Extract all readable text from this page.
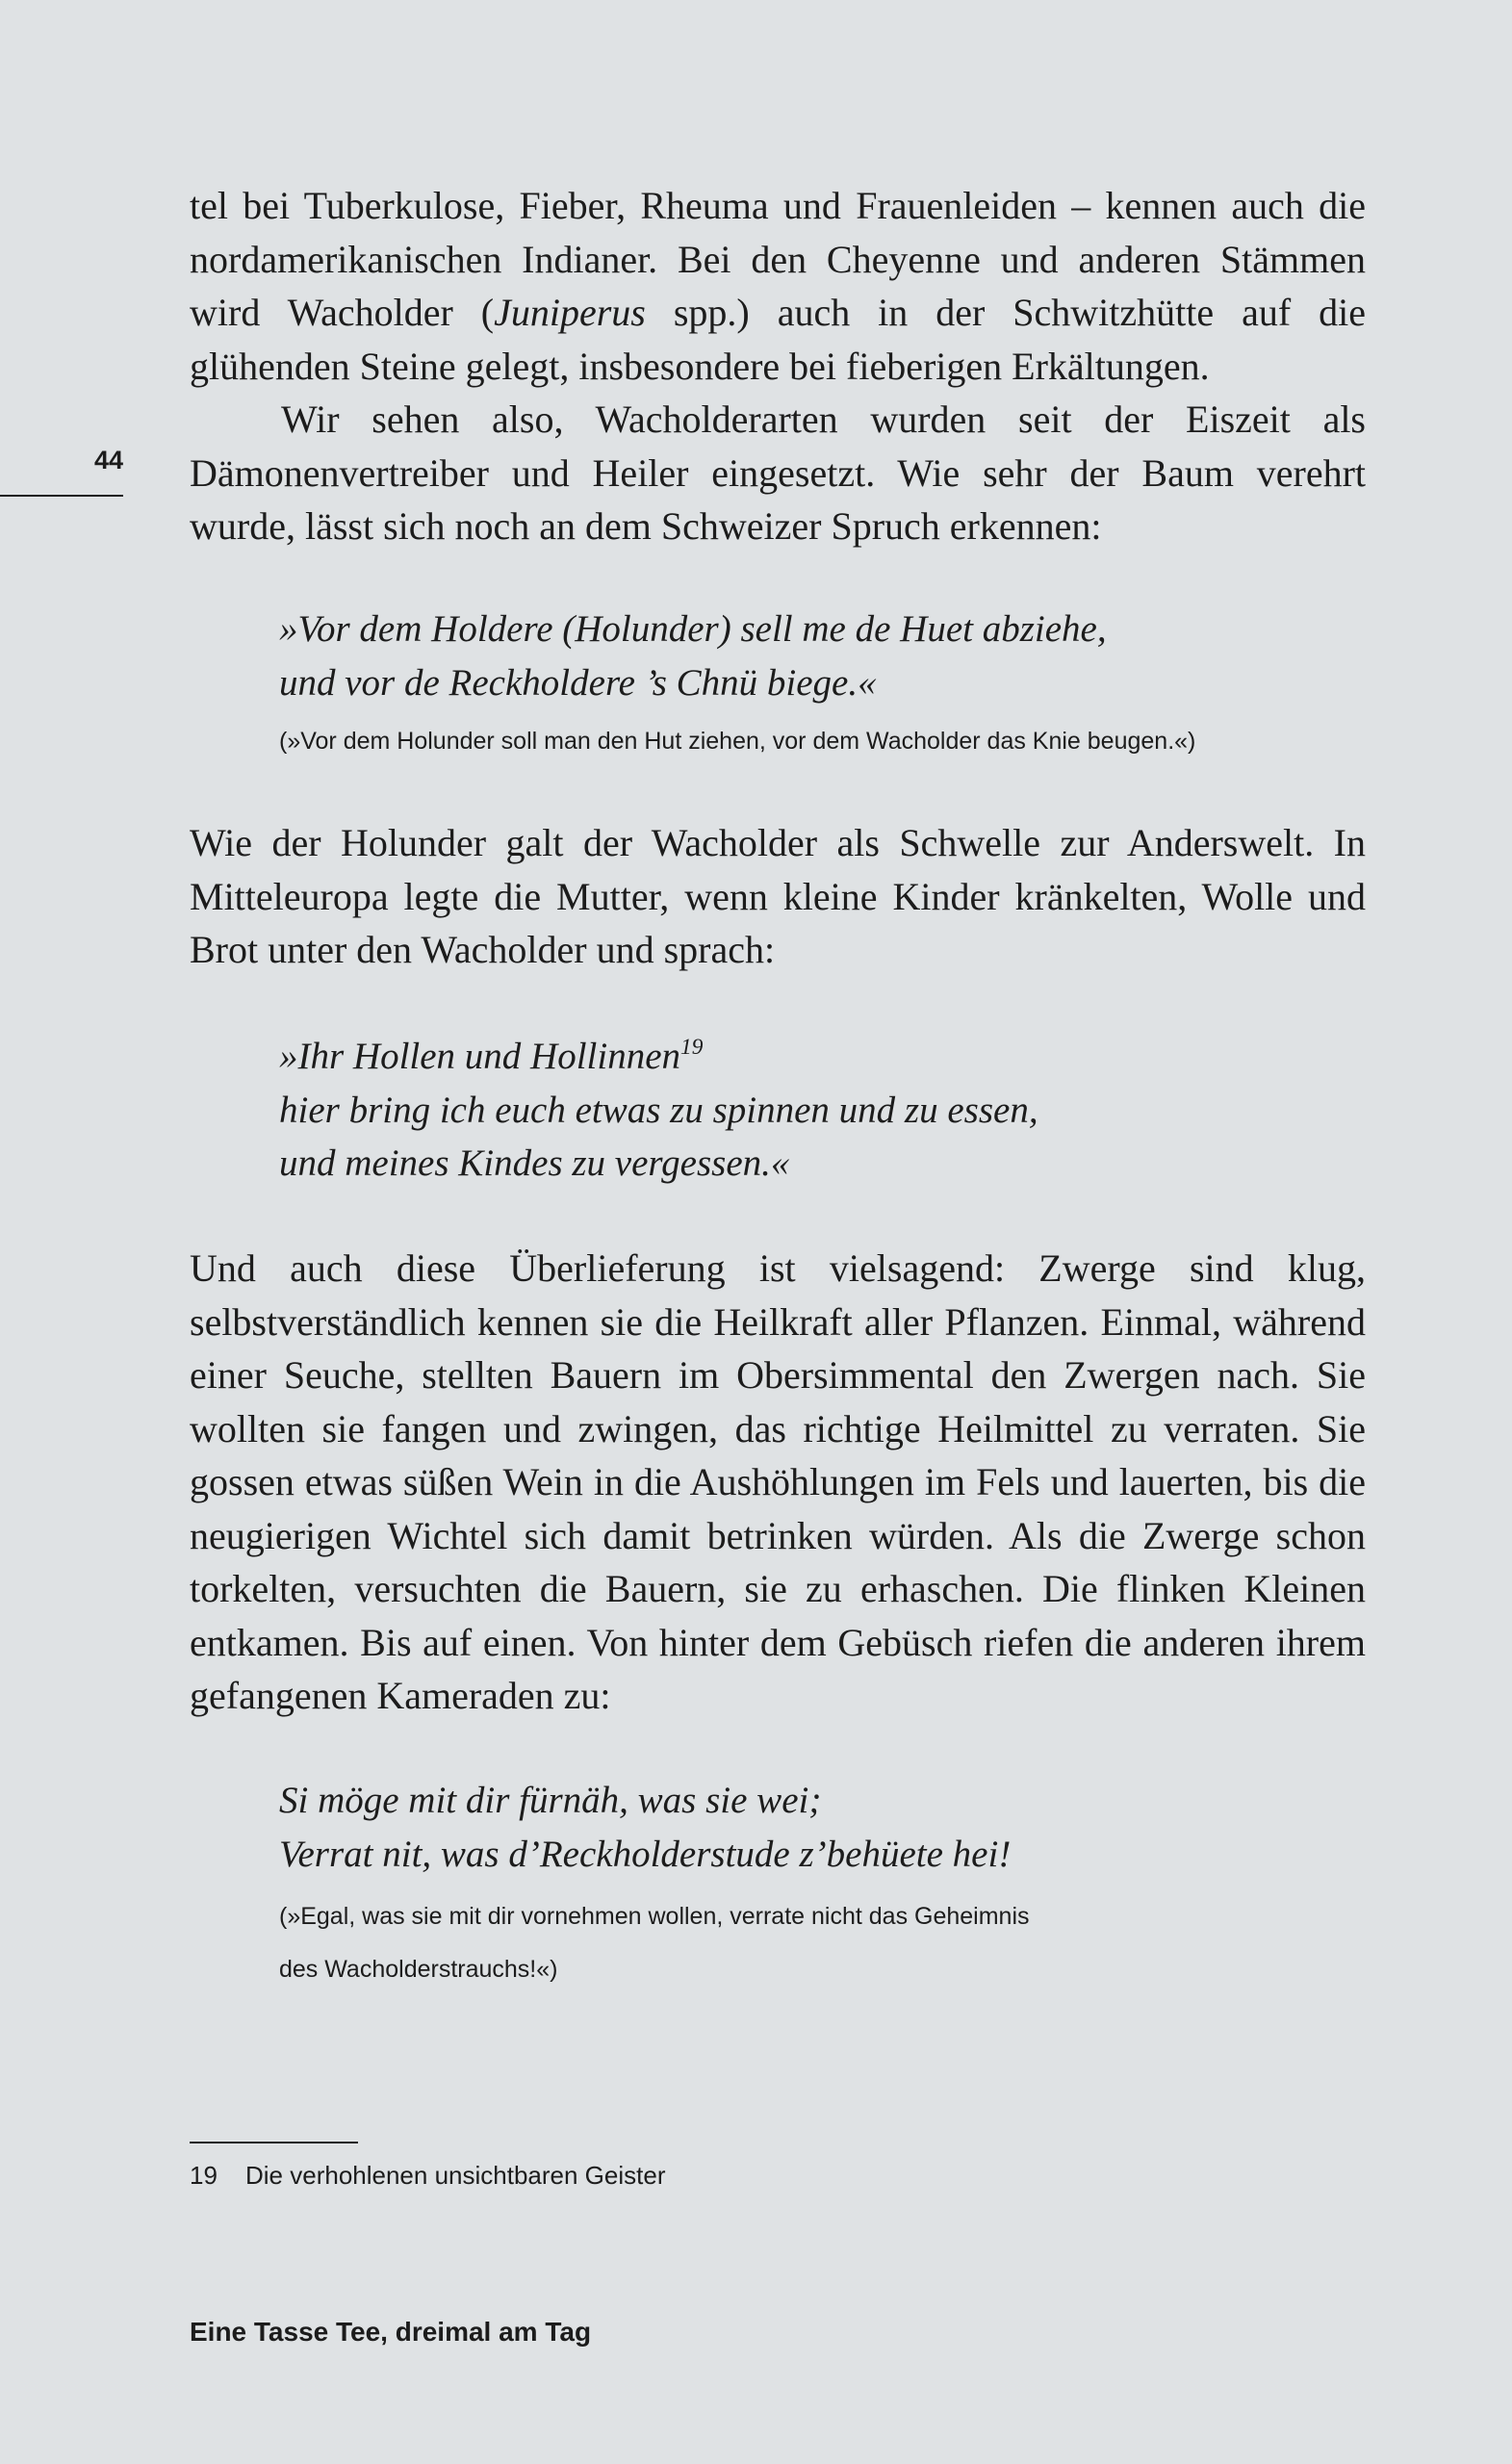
44

tel bei Tuberkulose, Fieber, Rheuma und Frauenleiden – kennen auch die nordamerikanischen Indianer. Bei den Cheyenne und anderen Stämmen wird Wacholder (Juniperus spp.) auch in der Schwitzhütte auf die glühenden Steine gelegt, insbesondere bei fieberigen Erkältungen.

Wir sehen also, Wacholderarten wurden seit der Eiszeit als Dämonenvertreiber und Heiler eingesetzt. Wie sehr der Baum verehrt wurde, lässt sich noch an dem Schweizer Spruch erkennen:

»Vor dem Holdere (Holunder) sell me de Huet abziehe,
und vor de Reckholdere ’s Chnü biege.«
(»Vor dem Holunder soll man den Hut ziehen, vor dem Wacholder das Knie beugen.«)

Wie der Holunder galt der Wacholder als Schwelle zur Anderswelt. In Mitteleuropa legte die Mutter, wenn kleine Kinder kränkelten, Wolle und Brot unter den Wacholder und sprach:

»Ihr Hollen und Hollinnen$^{19}$
hier bring ich euch etwas zu spinnen und zu essen,
und meines Kindes zu vergessen.«

Und auch diese Überlieferung ist vielsagend: Zwerge sind klug, selbstverständlich kennen sie die Heilkraft aller Pflanzen. Einmal, während einer Seuche, stellten Bauern im Obersimmental den Zwergen nach. Sie wollten sie fangen und zwingen, das richtige Heilmittel zu verraten. Sie gossen etwas süßen Wein in die Aushöhlungen im Fels und lauerten, bis die neugierigen Wichtel sich damit betrinken würden. Als die Zwerge schon torkelten, versuchten die Bauern, sie zu erhaschen. Die flinken Kleinen entkamen. Bis auf einen. Von hinter dem Gebüsch riefen die anderen ihrem gefangenen Kameraden zu:

Si möge mit dir fürnäh, was sie wei;
Verrat nit, was d’Reckholderstude z’behüete hei!
(»Egal, was sie mit dir vornehmen wollen, verrate nicht das Geheimnis
des Wacholderstrauchs!«)
19 Die verhohlenen unsichtbaren Geister
Eine Tasse Tee, dreimal am Tag
